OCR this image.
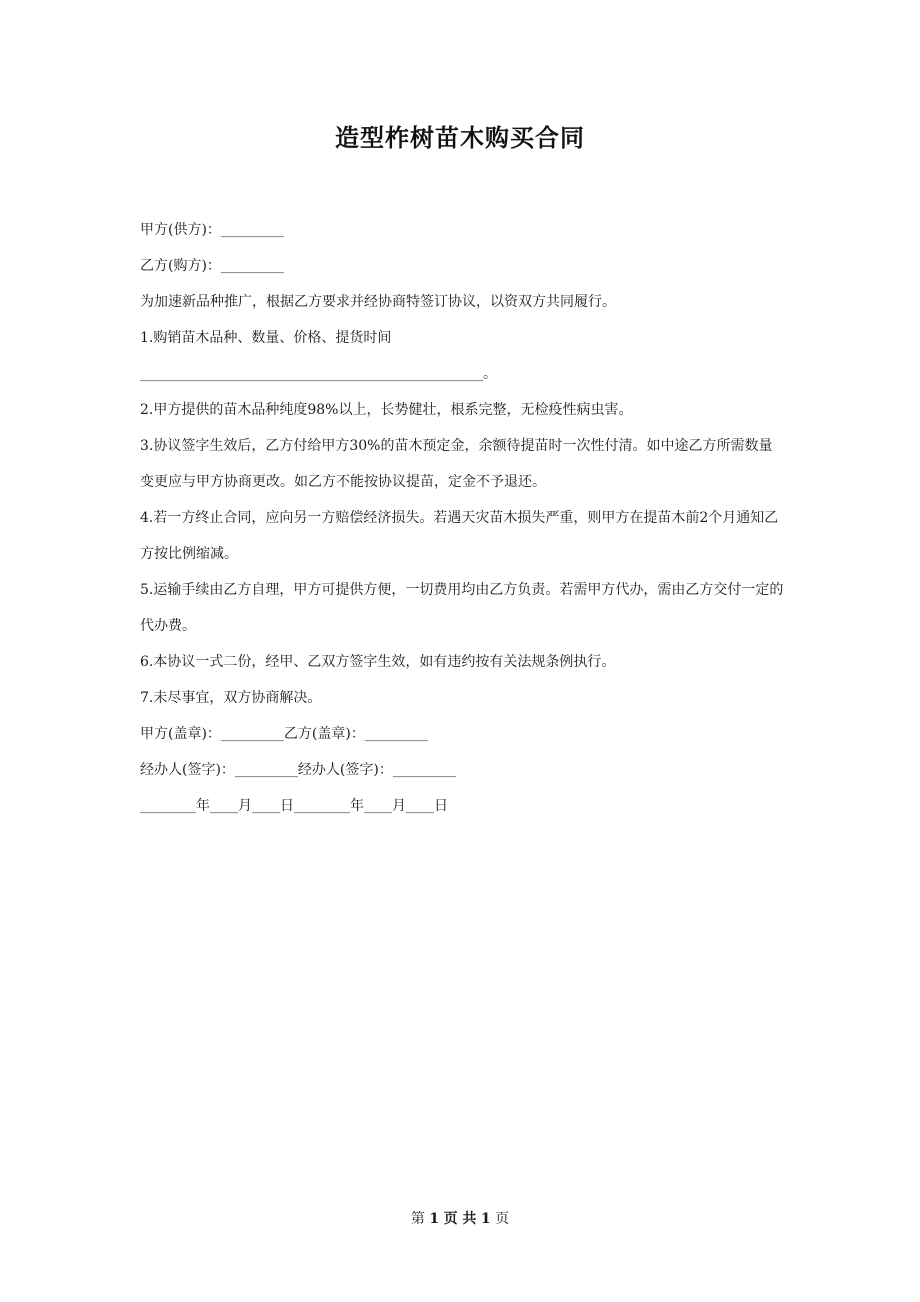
造型柞树苗木购买合同
甲方(供方)：_________
乙方(购方)：_________
为加速新品种推广，根据乙方要求并经协商特签订协议，以资双方共同履行。
1.购销苗木品种、数量、价格、提货时间
_________________________________________________。
2.甲方提供的苗木品种纯度98%以上，长势健壮，根系完整，无检疫性病虫害。
3.协议签字生效后，乙方付给甲方30%的苗木预定金，余额待提苗时一次性付清。如中途乙方所需数量变更应与甲方协商更改。如乙方不能按协议提苗，定金不予退还。
4.若一方终止合同，应向另一方赔偿经济损失。若遇天灾苗木损失严重，则甲方在提苗木前2个月通知乙方按比例缩减。
5.运输手续由乙方自理，甲方可提供方便，一切费用均由乙方负责。若需甲方代办，需由乙方交付一定的代办费。
6.本协议一式二份，经甲、乙双方签字生效，如有违约按有关法规条例执行。
7.未尽事宜，双方协商解决。
甲方(盖章)：_________乙方(盖章)：_________
经办人(签字)：_________经办人(签字)：_________
________年____月____日________年____月____日
第 1 页 共 1 页
